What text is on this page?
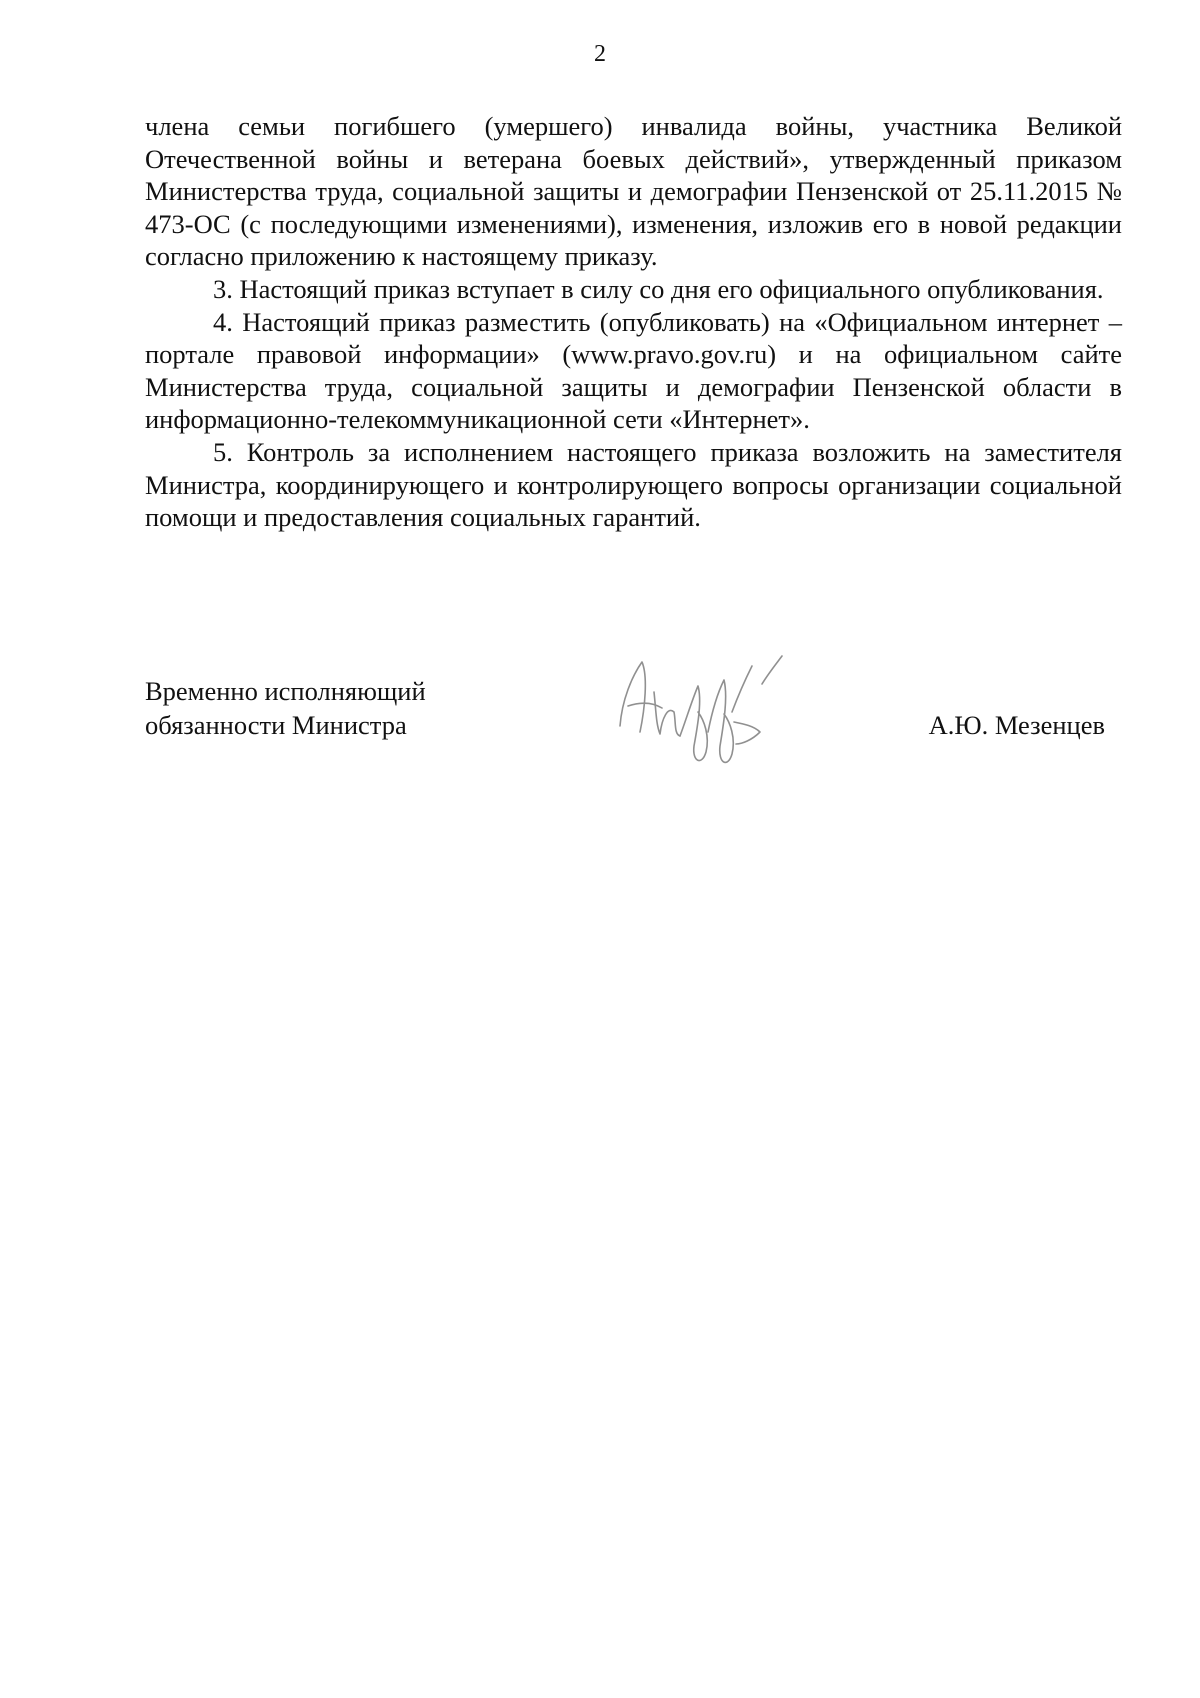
2

члена семьи погибшего (умершего) инвалида войны, участника Великой Отечественной войны и ветерана боевых действий», утвержденный приказом Министерства труда, социальной защиты и демографии Пензенской от 25.11.2015 № 473-ОС (с последующими изменениями), изменения, изложив его в новой редакции согласно приложению к настоящему приказу.

3. Настоящий приказ вступает в силу со дня его официального опубликования.

4. Настоящий приказ разместить (опубликовать) на «Официальном интернет – портале правовой информации» (www.pravo.gov.ru) и на официальном сайте Министерства труда, социальной защиты и демографии Пензенской области в информационно-телекоммуникационной сети «Интернет».

5. Контроль за исполнением настоящего приказа возложить на заместителя Министра, координирующего и контролирующего вопросы организации социальной помощи и предоставления социальных гарантий.

Временно исполняющий
обязанности Министра	А.Ю. Мезенцев
